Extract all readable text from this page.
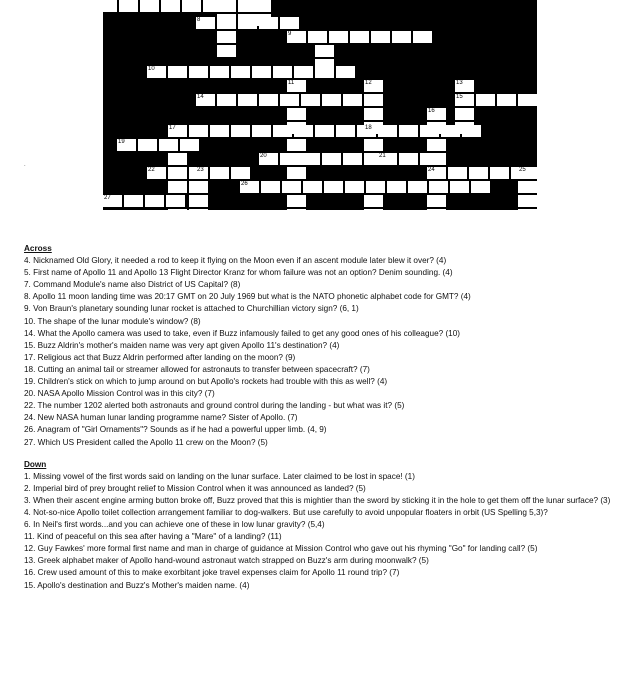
8
9
10
11	12	13
14	15
16
17	18
19
20	21
22	23	24	25
26
27
.

Across

4. Nicknamed Old Glory, it needed a rod to keep it flying on the Moon even if an ascent module later blew it over? (4)

5. First name of Apollo 11 and Apollo 13 Flight Director Kranz for whom failure was not an option? Denim sounding. (4)

7. Command Module's name also District of US Capital? (8)

8. Apollo 11 moon landing time was 20:17 GMT on 20 July 1969 but what is the NATO phonetic alphabet code for GMT? (4)

9. Von Braun's planetary sounding lunar rocket is attached to Churchillian victory sign? (6, 1)

10. The shape of the lunar module's window? (8)

14. What the Apollo camera was used to take, even if Buzz infamously failed to get any good ones of his colleague? (10)

15. Buzz Aldrin's mother's maiden name was very apt given Apollo 11's destination? (4)

17. Religious act that Buzz Aldrin performed after landing on the moon? (9)

18. Cutting an animal tail or streamer allowed for astronauts to transfer between spacecraft? (7)

19. Children's stick on which to jump around on but Apollo's rockets had trouble with this as well? (4)

20. NASA Apollo Mission Control was in this city? (7)

22. The number 1202 alerted both astronauts and ground control during the landing - but what was it? (5)

24. New NASA human lunar landing programme name? Sister of Apollo. (7)

26. Anagram of "Girl Ornaments"? Sounds as if he had a powerful upper limb. (4, 9)

27. Which US President called the Apollo 11 crew on the Moon? (5)

Down

1. Missing vowel of the first words said on landing on the lunar surface. Later claimed to be lost in space! (1)

2. Imperial bird of prey brought relief to Mission Control when it was announced as landed? (5)

3. When their ascent engine arming button broke off, Buzz proved that this is mightier than the sword by sticking it in the hole to get them off the lunar surface? (3)

4. Not-so-nice Apollo toilet collection arrangement familiar to dog-walkers. But use carefully to avoid unpopular floaters in orbit (US Spelling 5,3)?

6. In Neil's first words...and you can achieve one of these in low lunar gravity? (5,4)

11. Kind of peaceful on this sea after having a "Mare" of a landing? (11)

12. Guy Fawkes' more formal first name and man in charge of guidance at Mission Control who gave out his rhyming "Go" for landing call? (5)

13. Greek alphabet maker of Apollo hand-wound astronaut watch strapped on Buzz's arm during moonwalk? (5)

16. Crew used amount of this to make exorbitant joke travel expenses claim for Apollo 11 round trip? (7)

15. Apollo's destination and Buzz's Mother's maiden name. (4)
